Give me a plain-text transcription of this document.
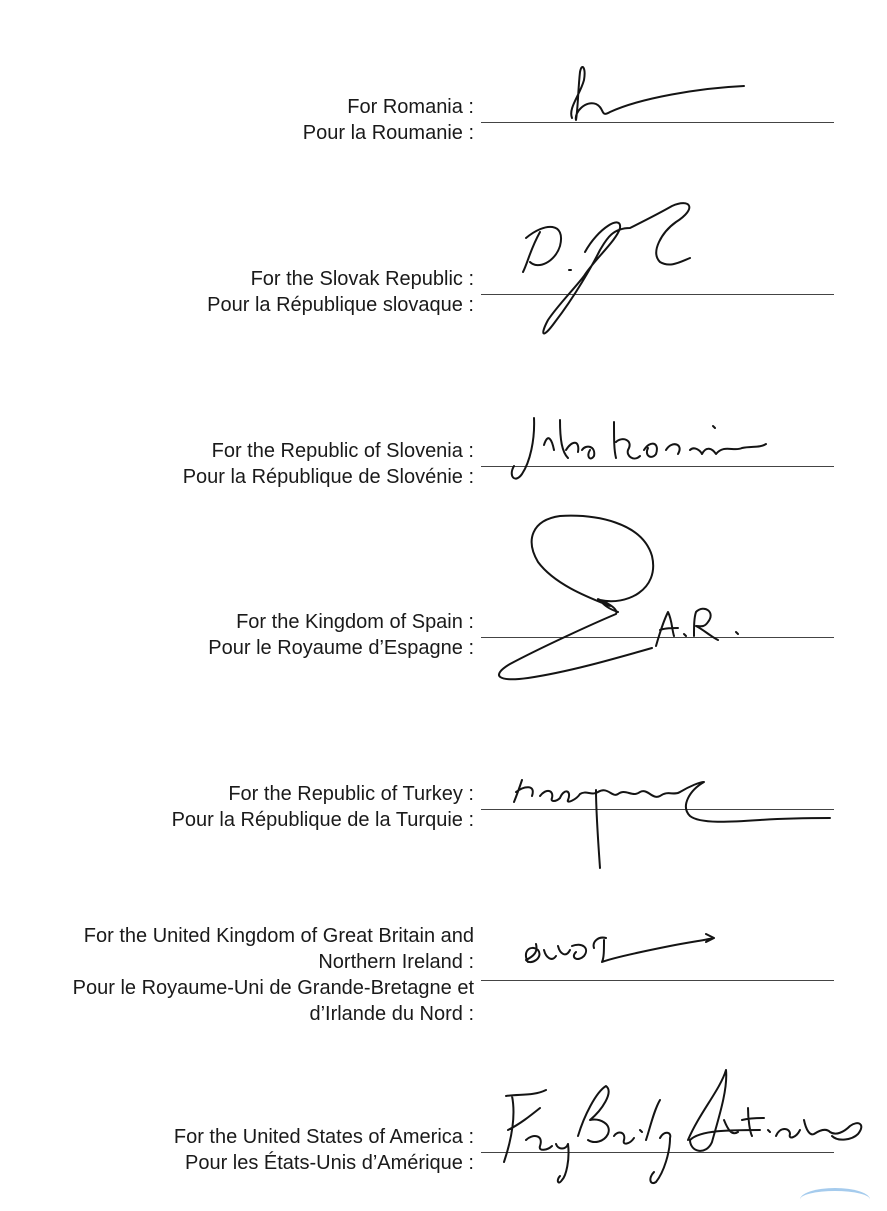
For Romania :
Pour la Roumanie :
For the Slovak Republic :
Pour la République slovaque :
For the Republic of Slovenia :
Pour la République de Slovénie :
For the Kingdom of Spain :
Pour le Royaume d’Espagne :
For the Republic of Turkey :
Pour la République de la Turquie :
For the United Kingdom of Great Britain and
Northern Ireland :
Pour le Royaume-Uni de Grande-Bretagne et
d’Irlande du Nord :
For the United States of America :
Pour les États-Unis d’Amérique :
